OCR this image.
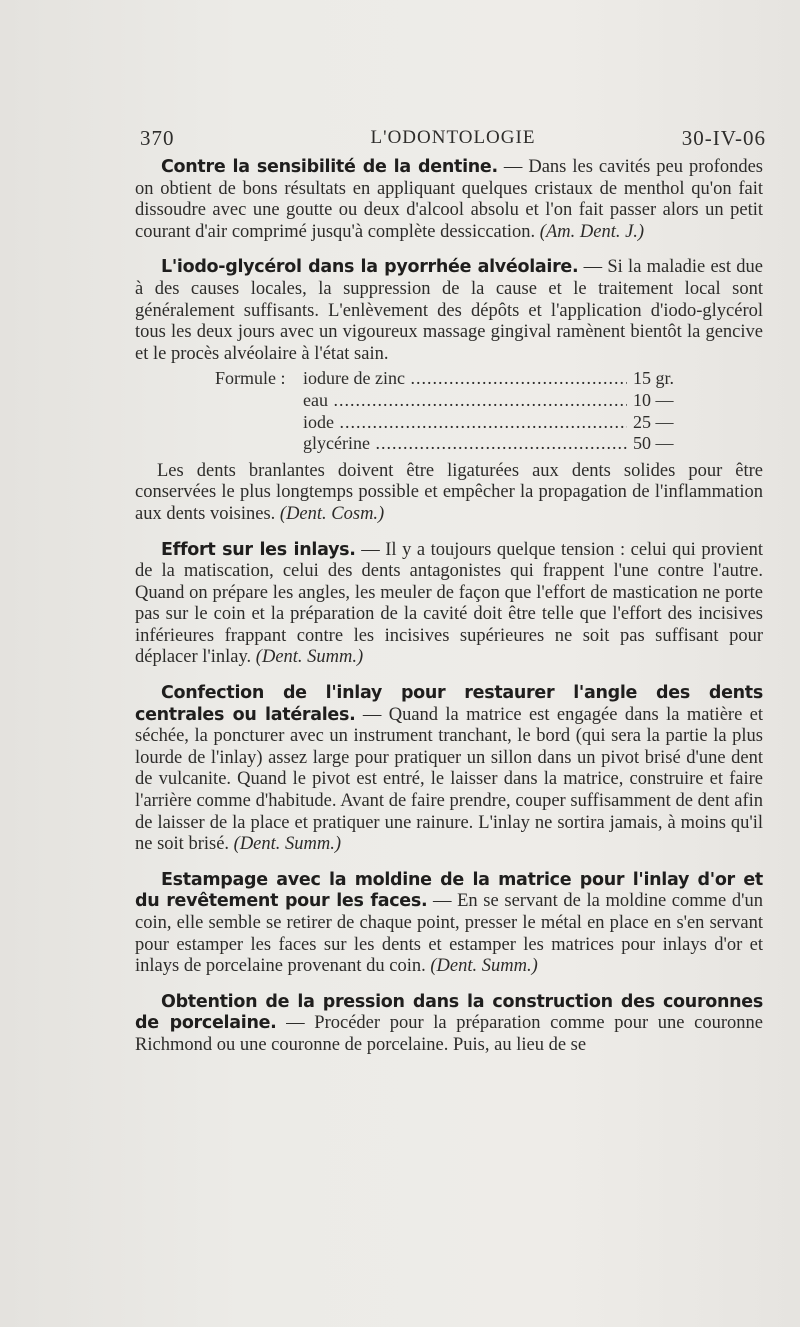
370	L'ODONTOLOGIE	30-IV-06

Contre la sensibilité de la dentine. — Dans les cavités peu profondes on obtient de bons résultats en appliquant quelques cristaux de menthol qu'on fait dissoudre avec une goutte ou deux d'alcool absolu et l'on fait passer alors un petit courant d'air comprimé jusqu'à complète dessiccation. (Am. Dent. J.)

L'iodo-glycérol dans la pyorrhée alvéolaire. — Si la maladie est due à des causes locales, la suppression de la cause et le traitement local sont généralement suffisants. L'enlèvement des dépôts et l'application d'iodo-glycérol tous les deux jours avec un vigoureux massage gingival ramènent bientôt la gencive et le procès alvéolaire à l'état sain.

Formule : iodure de zinc .....	15 gr.
eau .....	10 —
iode .....	25 —
glycérine .....	50 —

Les dents branlantes doivent être ligaturées aux dents solides pour être conservées le plus longtemps possible et empêcher la propagation de l'inflammation aux dents voisines. (Dent. Cosm.)

Effort sur les inlays. — Il y a toujours quelque tension : celui qui provient de la matiscation, celui des dents antagonistes qui frappent l'une contre l'autre. Quand on prépare les angles, les meuler de façon que l'effort de mastication ne porte pas sur le coin et la préparation de la cavité doit être telle que l'effort des incisives inférieures frappant contre les incisives supérieures ne soit pas suffisant pour déplacer l'inlay. (Dent. Summ.)

Confection de l'inlay pour restaurer l'angle des dents centrales ou latérales. — Quand la matrice est engagée dans la matière et séchée, la poncturer avec un instrument tranchant, le bord (qui sera la partie la plus lourde de l'inlay) assez large pour pratiquer un sillon dans un pivot brisé d'une dent de vulcanite. Quand le pivot est entré, le laisser dans la matrice, construire et faire l'arrière comme d'habitude. Avant de faire prendre, couper suffisamment de dent afin de laisser de la place et pratiquer une rainure. L'inlay ne sortira jamais, à moins qu'il ne soit brisé. (Dent. Summ.)

Estampage avec la moldine de la matrice pour l'inlay d'or et du revêtement pour les faces. — En se servant de la moldine comme d'un coin, elle semble se retirer de chaque point, presser le métal en place en s'en servant pour estamper les faces sur les dents et estamper les matrices pour inlays d'or et inlays de porcelaine provenant du coin. (Dent. Summ.)

Obtention de la pression dans la construction des couronnes de porcelaine. — Procéder pour la préparation comme pour une couronne Richmond ou une couronne de porcelaine. Puis, au lieu de se
